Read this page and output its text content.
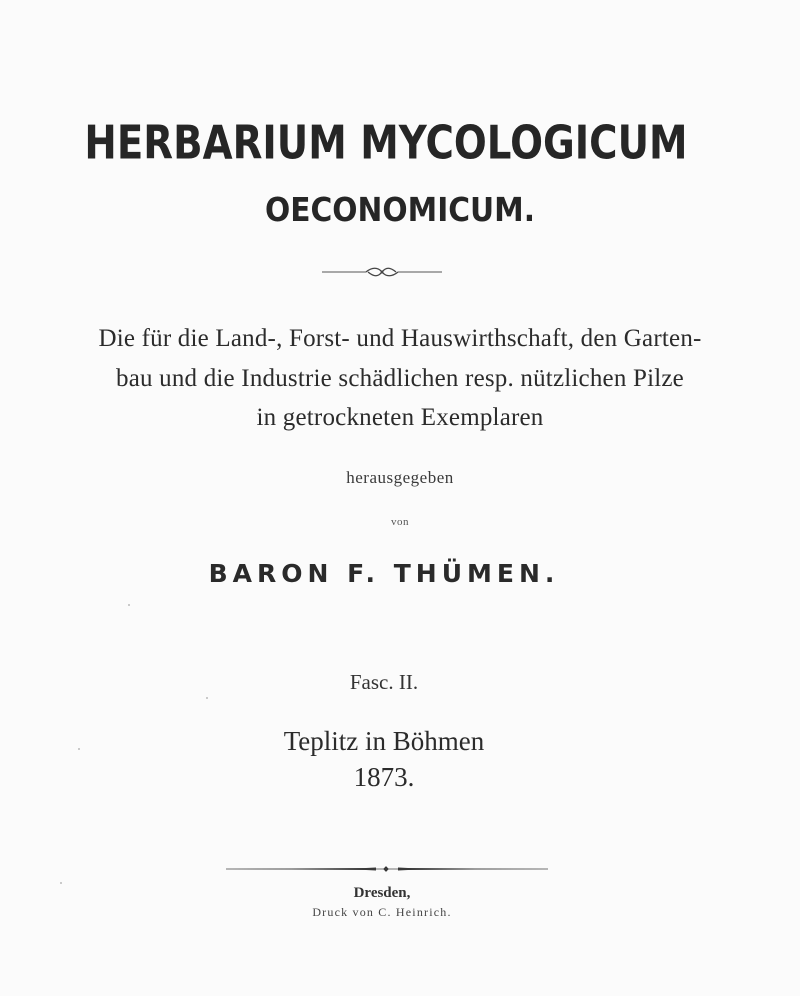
HERBARIUM MYCOLOGICUM
OECONOMICUM.
Die für die Land-, Forst- und Hauswirthschaft, den Garten-
bau und die Industrie schädlichen resp. nützlichen Pilze
in getrockneten Exemplaren
herausgegeben
von
BARON F. THÜMEN.
Fasc. II.
Teplitz in Böhmen
1873.
Dresden,
Druck von C. Heinrich.
